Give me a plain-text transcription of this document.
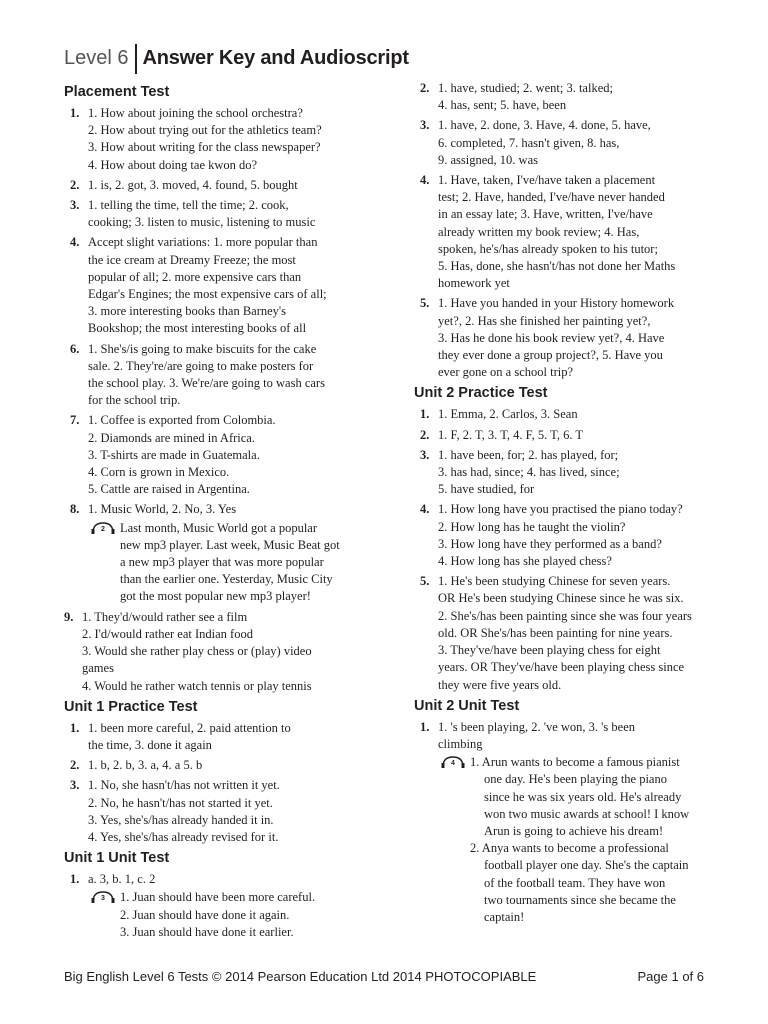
Level 6 Answer Key and Audioscript
Placement Test
1. 1. How about joining the school orchestra?
2. How about trying out for the athletics team?
3. How about writing for the class newspaper?
4. How about doing tae kwon do?
2. 1. is, 2. got, 3. moved, 4. found, 5. bought
3. 1. telling the time, tell the time; 2. cook,
cooking; 3. listen to music, listening to music
4. Accept slight variations: 1. more popular than
the ice cream at Dreamy Freeze; the most
popular of all; 2. more expensive cars than
Edgar's Engines; the most expensive cars of all;
3. more interesting books than Barney's
Bookshop; the most interesting books of all
6. 1. She's/is going to make biscuits for the cake
sale. 2. They're/are going to make posters for
the school play. 3. We're/are going to wash cars
for the school trip.
7. 1. Coffee is exported from Colombia.
2. Diamonds are mined in Africa.
3. T-shirts are made in Guatemala.
4. Corn is grown in Mexico.
5. Cattle are raised in Argentina.
8. 1. Music World, 2. No, 3. Yes
2 Last month, Music World got a popular
new mp3 player. Last week, Music Beat got
a new mp3 player that was more popular
than the earlier one. Yesterday, Music City
got the most popular new mp3 player!
9. 1. They'd/would rather see a film
2. I'd/would rather eat Indian food
3. Would she rather play chess or (play) video
games
4. Would he rather watch tennis or play tennis
Unit 1 Practice Test
1. 1. been more careful, 2. paid attention to
the time, 3. done it again
2. 1. b, 2. b, 3. a, 4. a 5. b
3. 1. No, she hasn't/has not written it yet.
2. No, he hasn't/has not started it yet.
3. Yes, she's/has already handed it in.
4. Yes, she's/has already revised for it.
Unit 1 Unit Test
1. a. 3, b. 1, c. 2
3 1. Juan should have been more careful.
2. Juan should have done it again.
3. Juan should have done it earlier.
2. 1. have, studied; 2. went; 3. talked;
4. has, sent; 5. have, been
3. 1. have, 2. done, 3. Have, 4. done, 5. have,
6. completed, 7. hasn't given, 8. has,
9. assigned, 10. was
4. 1. Have, taken, I've/have taken a placement
test; 2. Have, handed, I've/have never handed
in an essay late; 3. Have, written, I've/have
already written my book review; 4. Has,
spoken, he's/has already spoken to his tutor;
5. Has, done, she hasn't/has not done her Maths
homework yet
5. 1. Have you handed in your History homework
yet?, 2. Has she finished her painting yet?,
3. Has he done his book review yet?, 4. Have
they ever done a group project?, 5. Have you
ever gone on a school trip?
Unit 2 Practice Test
1. 1. Emma, 2. Carlos, 3. Sean
2. 1. F, 2. T, 3. T, 4. F, 5. T, 6. T
3. 1. have been, for; 2. has played, for;
3. has had, since; 4. has lived, since;
5. have studied, for
4. 1. How long have you practised the piano today?
2. How long has he taught the violin?
3. How long have they performed as a band?
4. How long has she played chess?
5. 1. He's been studying Chinese for seven years.
OR He's been studying Chinese since he was six.
2. She's/has been painting since she was four years
old. OR She's/has been painting for nine years.
3. They've/have been playing chess for eight
years. OR They've/have been playing chess since
they were five years old.
Unit 2 Unit Test
1. 1. 's been playing, 2. 've won, 3. 's been
climbing
4 1. Arun wants to become a famous pianist
one day. He's been playing the piano
since he was six years old. He's already
won two music awards at school! I know
Arun is going to achieve his dream!
2. Anya wants to become a professional
football player one day. She's the captain
of the football team. They have won
two tournaments since she became the
captain!
Big English Level 6 Tests © 2014 Pearson Education Ltd 2014 PHOTOCOPIABLE	Page 1 of 6
